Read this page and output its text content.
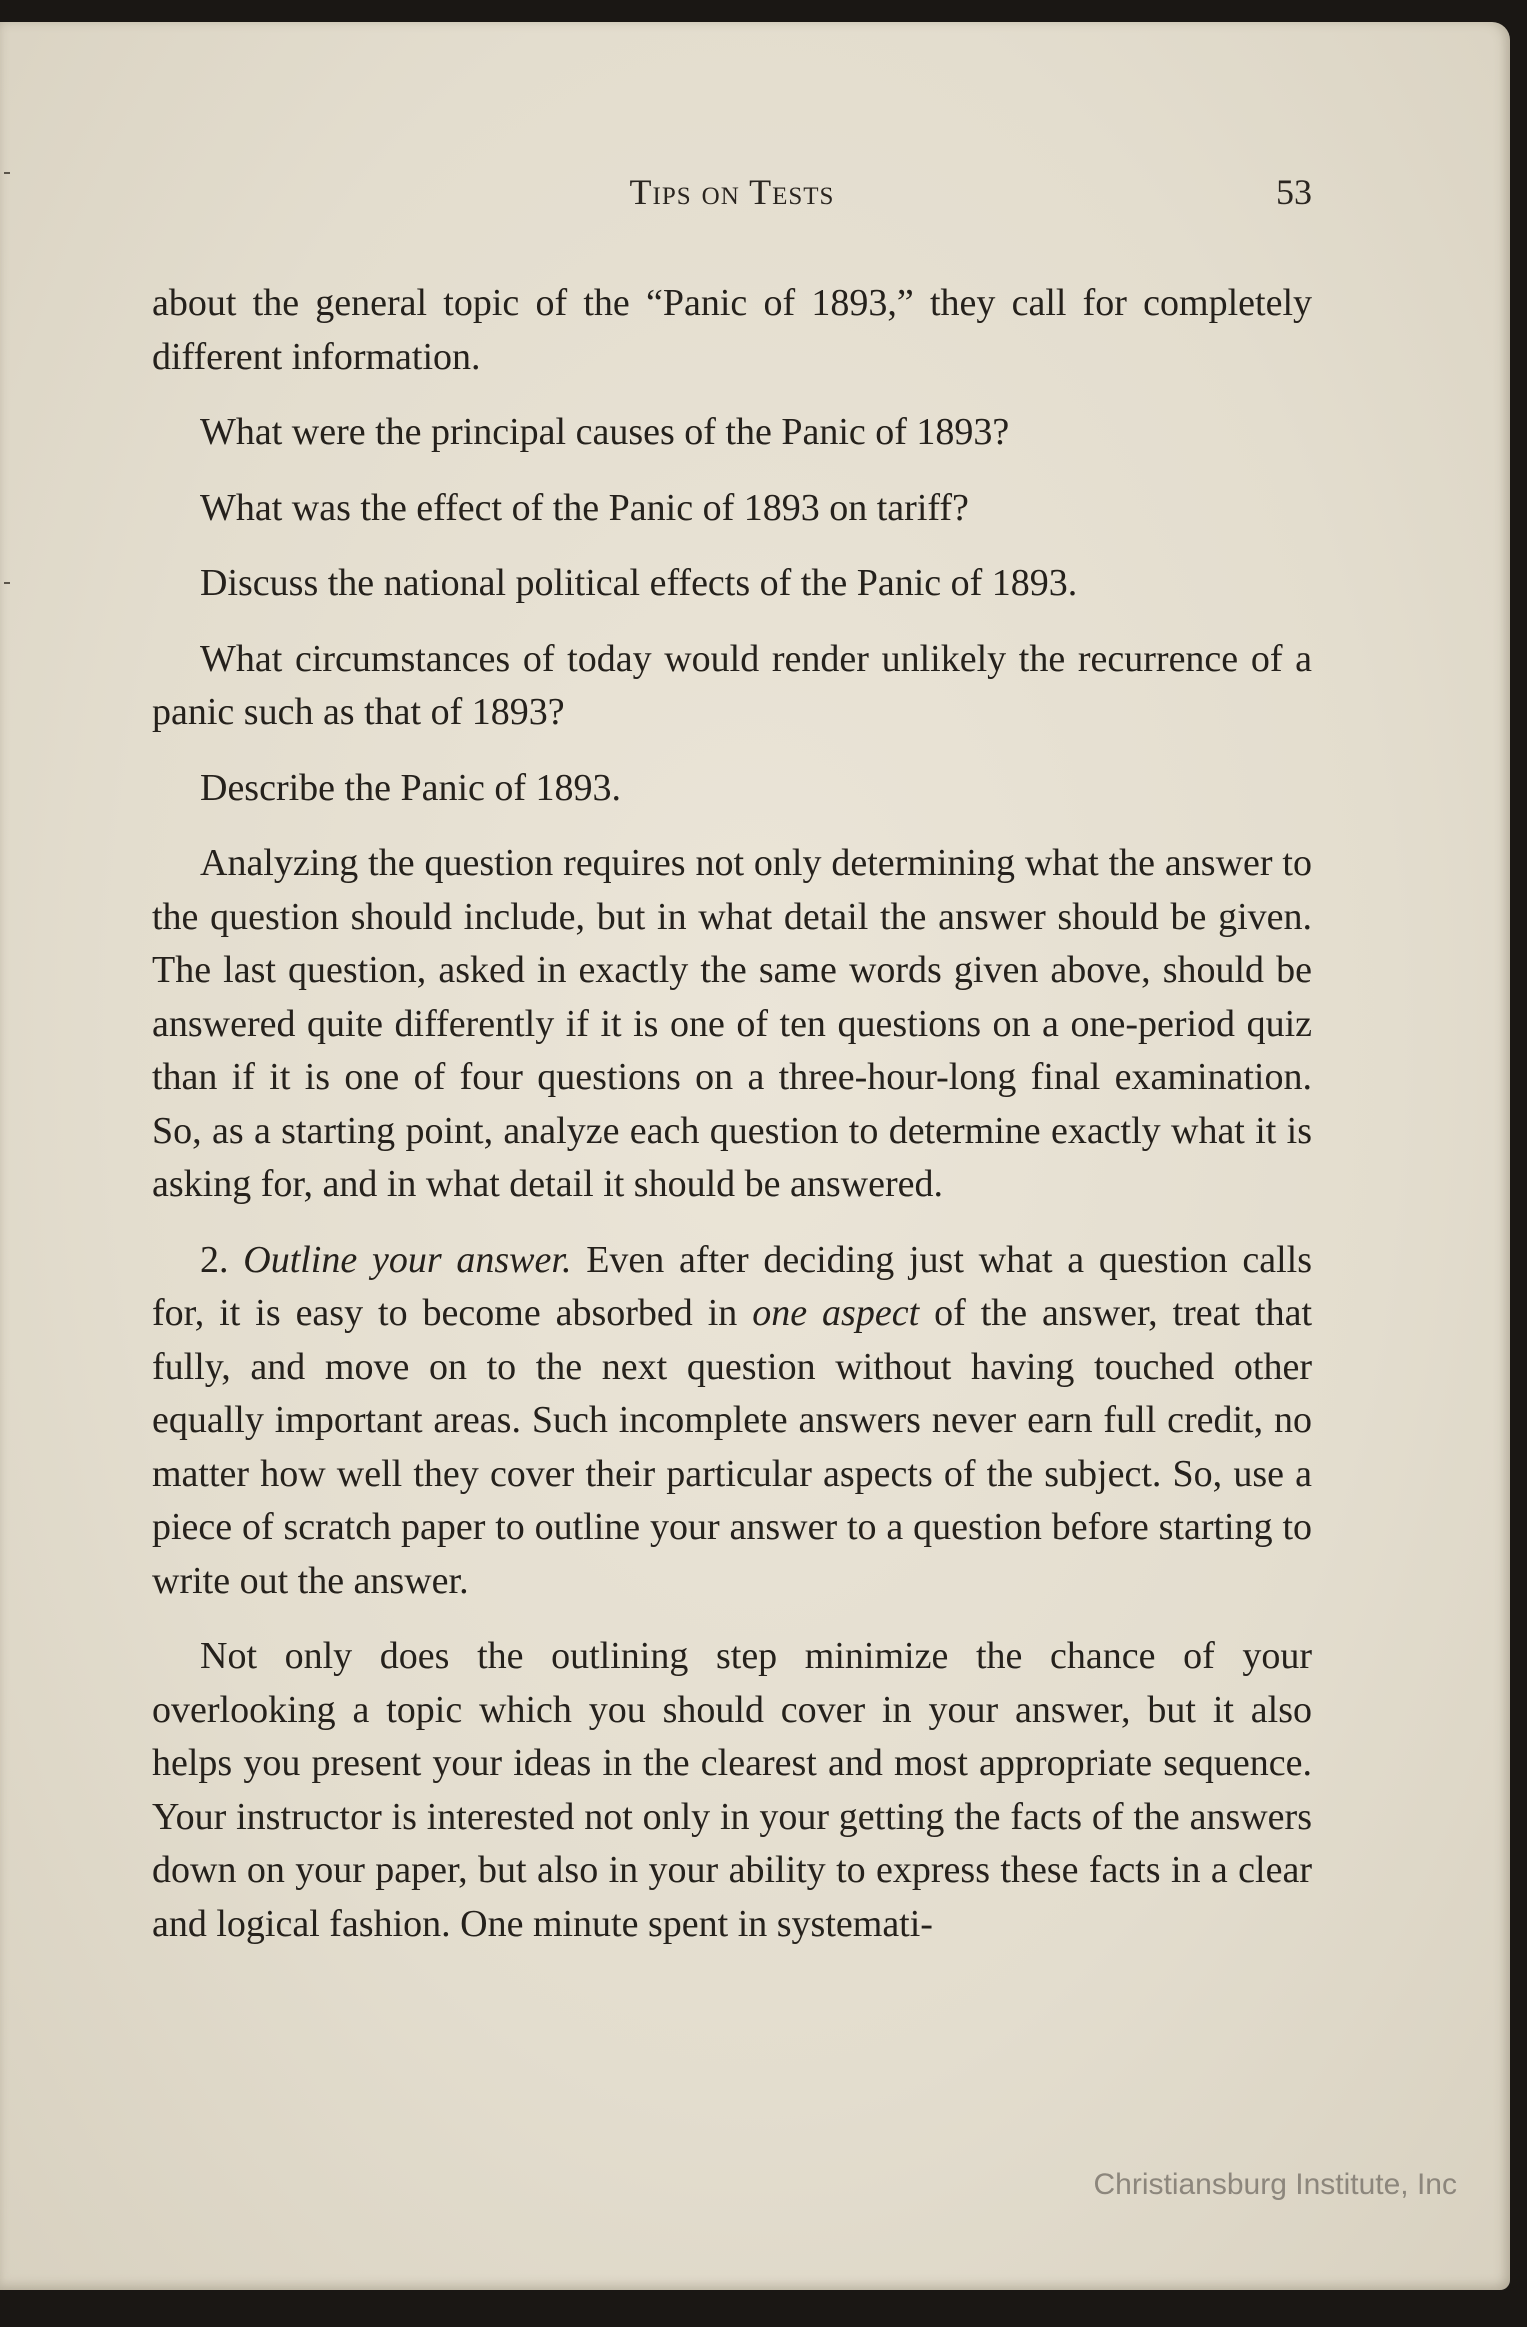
Tips on Tests	53

about the general topic of the “Panic of 1893,” they call for completely different information.

What were the principal causes of the Panic of 1893?

What was the effect of the Panic of 1893 on tariff?

Discuss the national political effects of the Panic of 1893.

What circumstances of today would render unlikely the recurrence of a panic such as that of 1893?

Describe the Panic of 1893.

Analyzing the question requires not only determining what the answer to the question should include, but in what detail the answer should be given. The last question, asked in exactly the same words given above, should be answered quite differently if it is one of ten questions on a one-period quiz than if it is one of four questions on a three-hour-long final examination. So, as a starting point, analyze each question to determine exactly what it is asking for, and in what detail it should be answered.

2. Outline your answer. Even after deciding just what a question calls for, it is easy to become absorbed in one aspect of the answer, treat that fully, and move on to the next question without having touched other equally important areas. Such incomplete answers never earn full credit, no matter how well they cover their particular aspects of the subject. So, use a piece of scratch paper to outline your answer to a question before starting to write out the answer.

Not only does the outlining step minimize the chance of your overlooking a topic which you should cover in your answer, but it also helps you present your ideas in the clearest and most appropriate sequence. Your instructor is interested not only in your getting the facts of the answers down on your paper, but also in your ability to express these facts in a clear and logical fashion. One minute spent in systemati-

Christiansburg Institute, Inc
